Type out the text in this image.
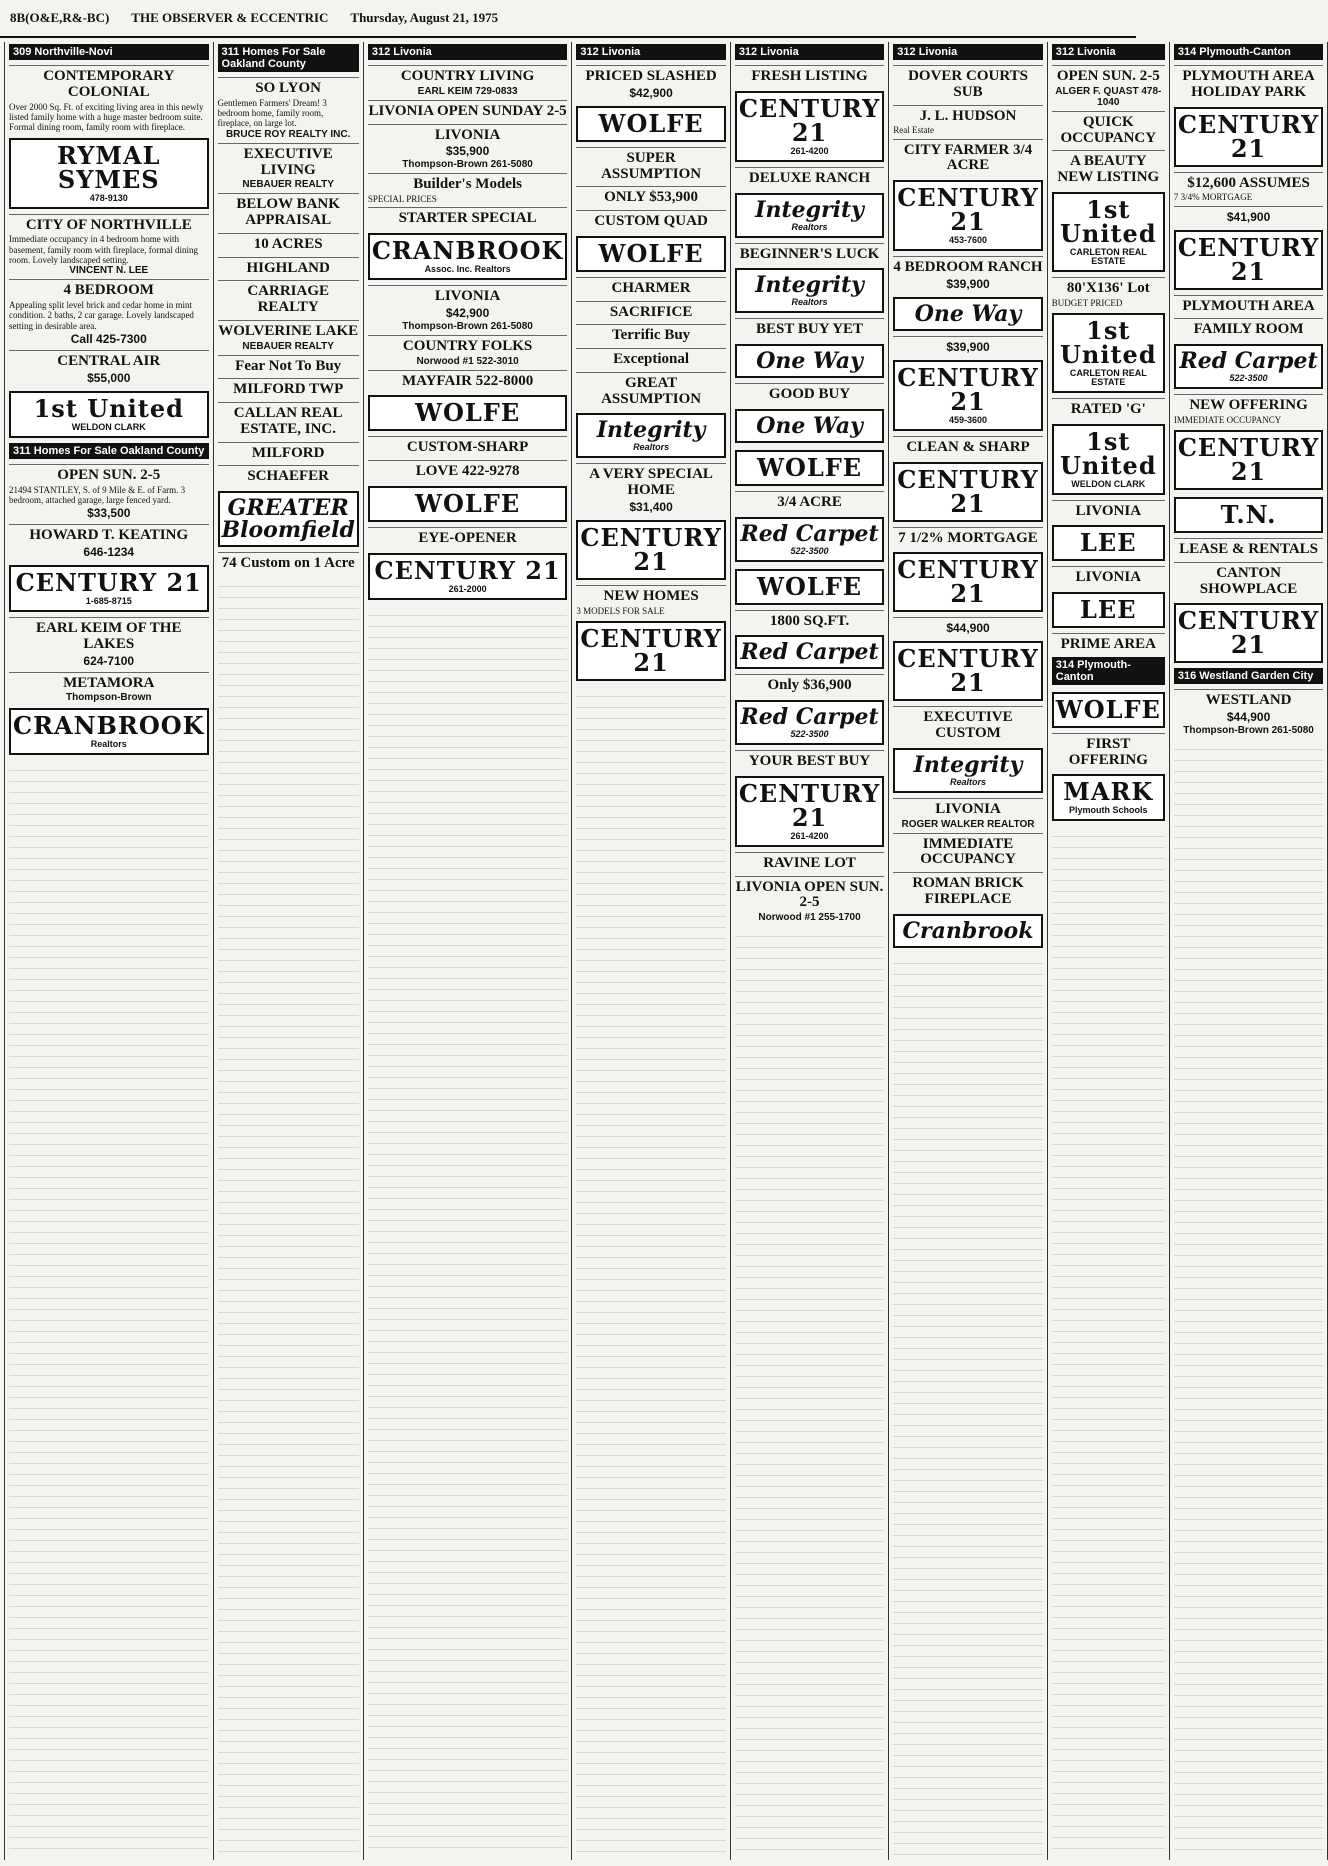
8B(O&E,R&-BC) THE OBSERVER & ECCENTRIC Thursday, August 21, 1975
309 Northville-Novi
CONTEMPORARY COLONIAL
Over 2000 Sq. Ft. of exciting living area in this newly listed family home with a huge master bedroom suite. Formal dining room, family room with fireplace.
RYMAL SYMES
478-9130
CITY OF NORTHVILLE
Immediate occupancy in 4 bedroom home with basement, family room with fireplace, formal dining room. Lovely landscaped setting.
VINCENT N. LEE
4 BEDROOM
Appealing split level brick and cedar home in mint condition. 2 baths, 2 car garage. Lovely landscaped setting in desirable area.
Call 425-7300
CENTRAL AIR
$55,000
1st United
WELDON CLARK
311 Homes For Sale Oakland County
OPEN SUN. 2-5
21494 STANTLEY, S. of 9 Mile & E. of Farm. 3 bedroom, attached garage, large fenced yard.
$33,500
HOWARD T. KEATING
646-1234
CENTURY 21
1-685-8715
EARL KEIM OF THE LAKES
624-7100
METAMORA
Thompson-Brown
CRANBROOK
Realtors
311 Homes For Sale Oakland County
SO LYON
Gentlemen Farmers' Dream! 3 bedroom home, family room, fireplace, on large lot.
BRUCE ROY REALTY INC.
EXECUTIVE LIVING
NEBAUER REALTY
BELOW BANK APPRAISAL
10 ACRES
HIGHLAND
CARRIAGE REALTY
WOLVERINE LAKE
NEBAUER REALTY
Fear Not To Buy
MILFORD TWP
CALLAN REAL ESTATE, INC.
MILFORD
SCHAEFER
GREATER Bloomfield
74 Custom on 1 Acre
312 Livonia
COUNTRY LIVING
EARL KEIM 729-0833
LIVONIA OPEN SUNDAY 2-5
LIVONIA
$35,900
Thompson-Brown 261-5080
Builder's Models
SPECIAL PRICES
STARTER SPECIAL
CRANBROOK
Assoc. Inc. Realtors
LIVONIA
$42,900
Thompson-Brown 261-5080
COUNTRY FOLKS
Norwood #1 522-3010
MAYFAIR 522-8000
WOLFE
CUSTOM-SHARP
LOVE 422-9278
WOLFE
EYE-OPENER
CENTURY 21
261-2000
312 Livonia
PRICED SLASHED
$42,900
WOLFE
SUPER ASSUMPTION
ONLY $53,900
CUSTOM QUAD
WOLFE
CHARMER
SACRIFICE
Terrific Buy
Exceptional
GREAT ASSUMPTION
Integrity
Realtors
A VERY SPECIAL HOME
$31,400
CENTURY 21
NEW HOMES
3 MODELS FOR SALE
CENTURY 21
312 Livonia
FRESH LISTING
CENTURY 21
261-4200
DELUXE RANCH
Integrity
Realtors
BEGINNER'S LUCK
Integrity
Realtors
BEST BUY YET
One Way
GOOD BUY
One Way
WOLFE
3/4 ACRE
Red Carpet
522-3500
WOLFE
1800 SQ.FT.
Red Carpet
Only $36,900
Red Carpet
522-3500
YOUR BEST BUY
CENTURY 21
261-4200
RAVINE LOT
LIVONIA OPEN SUN. 2-5
Norwood #1 255-1700
312 Livonia
DOVER COURTS SUB
J. L. HUDSON
Real Estate
CITY FARMER 3/4 ACRE
CENTURY 21
453-7600
4 BEDROOM RANCH
$39,900
One Way
$39,900
CENTURY 21
459-3600
CLEAN & SHARP
CENTURY 21
7 1/2% MORTGAGE
CENTURY 21
$44,900
CENTURY 21
EXECUTIVE CUSTOM
Integrity
Realtors
LIVONIA
ROGER WALKER REALTOR
IMMEDIATE OCCUPANCY
ROMAN BRICK FIREPLACE
Cranbrook
312 Livonia
OPEN SUN. 2-5
ALGER F. QUAST 478-1040
QUICK OCCUPANCY
A BEAUTY NEW LISTING
1st United
CARLETON REAL ESTATE
80'X136' Lot
BUDGET PRICED
1st United
CARLETON REAL ESTATE
RATED 'G'
1st United
WELDON CLARK
LIVONIA
LEE
LIVONIA
LEE
PRIME AREA
314 Plymouth-Canton
WOLFE
FIRST OFFERING
MARK
Plymouth Schools
314 Plymouth-Canton
PLYMOUTH AREA HOLIDAY PARK
CENTURY 21
$12,600 ASSUMES
7 3/4% MORTGAGE
$41,900
CENTURY 21
PLYMOUTH AREA
FAMILY ROOM
Red Carpet
522-3500
NEW OFFERING
IMMEDIATE OCCUPANCY
CENTURY 21
T.N.
LEASE & RENTALS
CANTON SHOWPLACE
CENTURY 21
316 Westland Garden City
WESTLAND
$44,900
Thompson-Brown 261-5080
